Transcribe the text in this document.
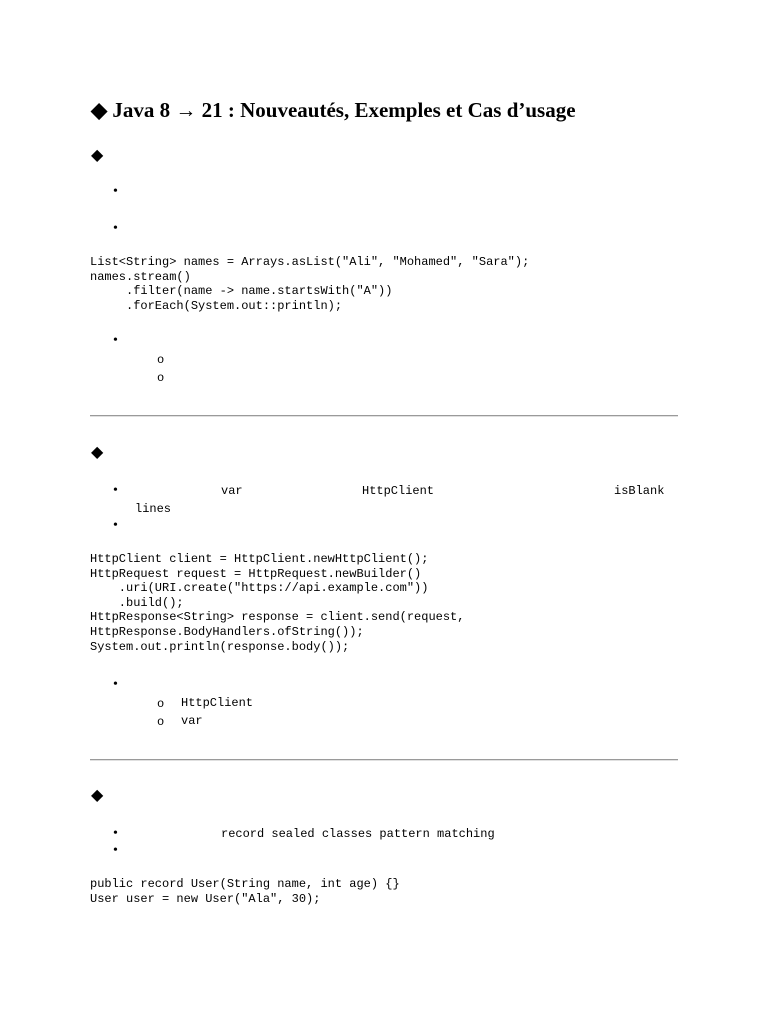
◆ Java 8 → 21 : Nouveautés, Exemples et Cas d’usage
◆
•
•
List<String> names = Arrays.asList("Ali", "Mohamed", "Sara");
names.stream()
.filter(name -> name.startsWith("A"))
.forEach(System.out::println);
•
o
o
◆
•	var	HttpClient	isBlank
lines
•
HttpClient client = HttpClient.newHttpClient();
HttpRequest request = HttpRequest.newBuilder()
.uri(URI.create("https://api.example.com"))
.build();
HttpResponse<String> response = client.send(request,
HttpResponse.BodyHandlers.ofString());
System.out.println(response.body());
•
o HttpClient
o var
◆
•	record sealed classes pattern matching
•
public record User(String name, int age) {}
User user = new User("Ala", 30);
